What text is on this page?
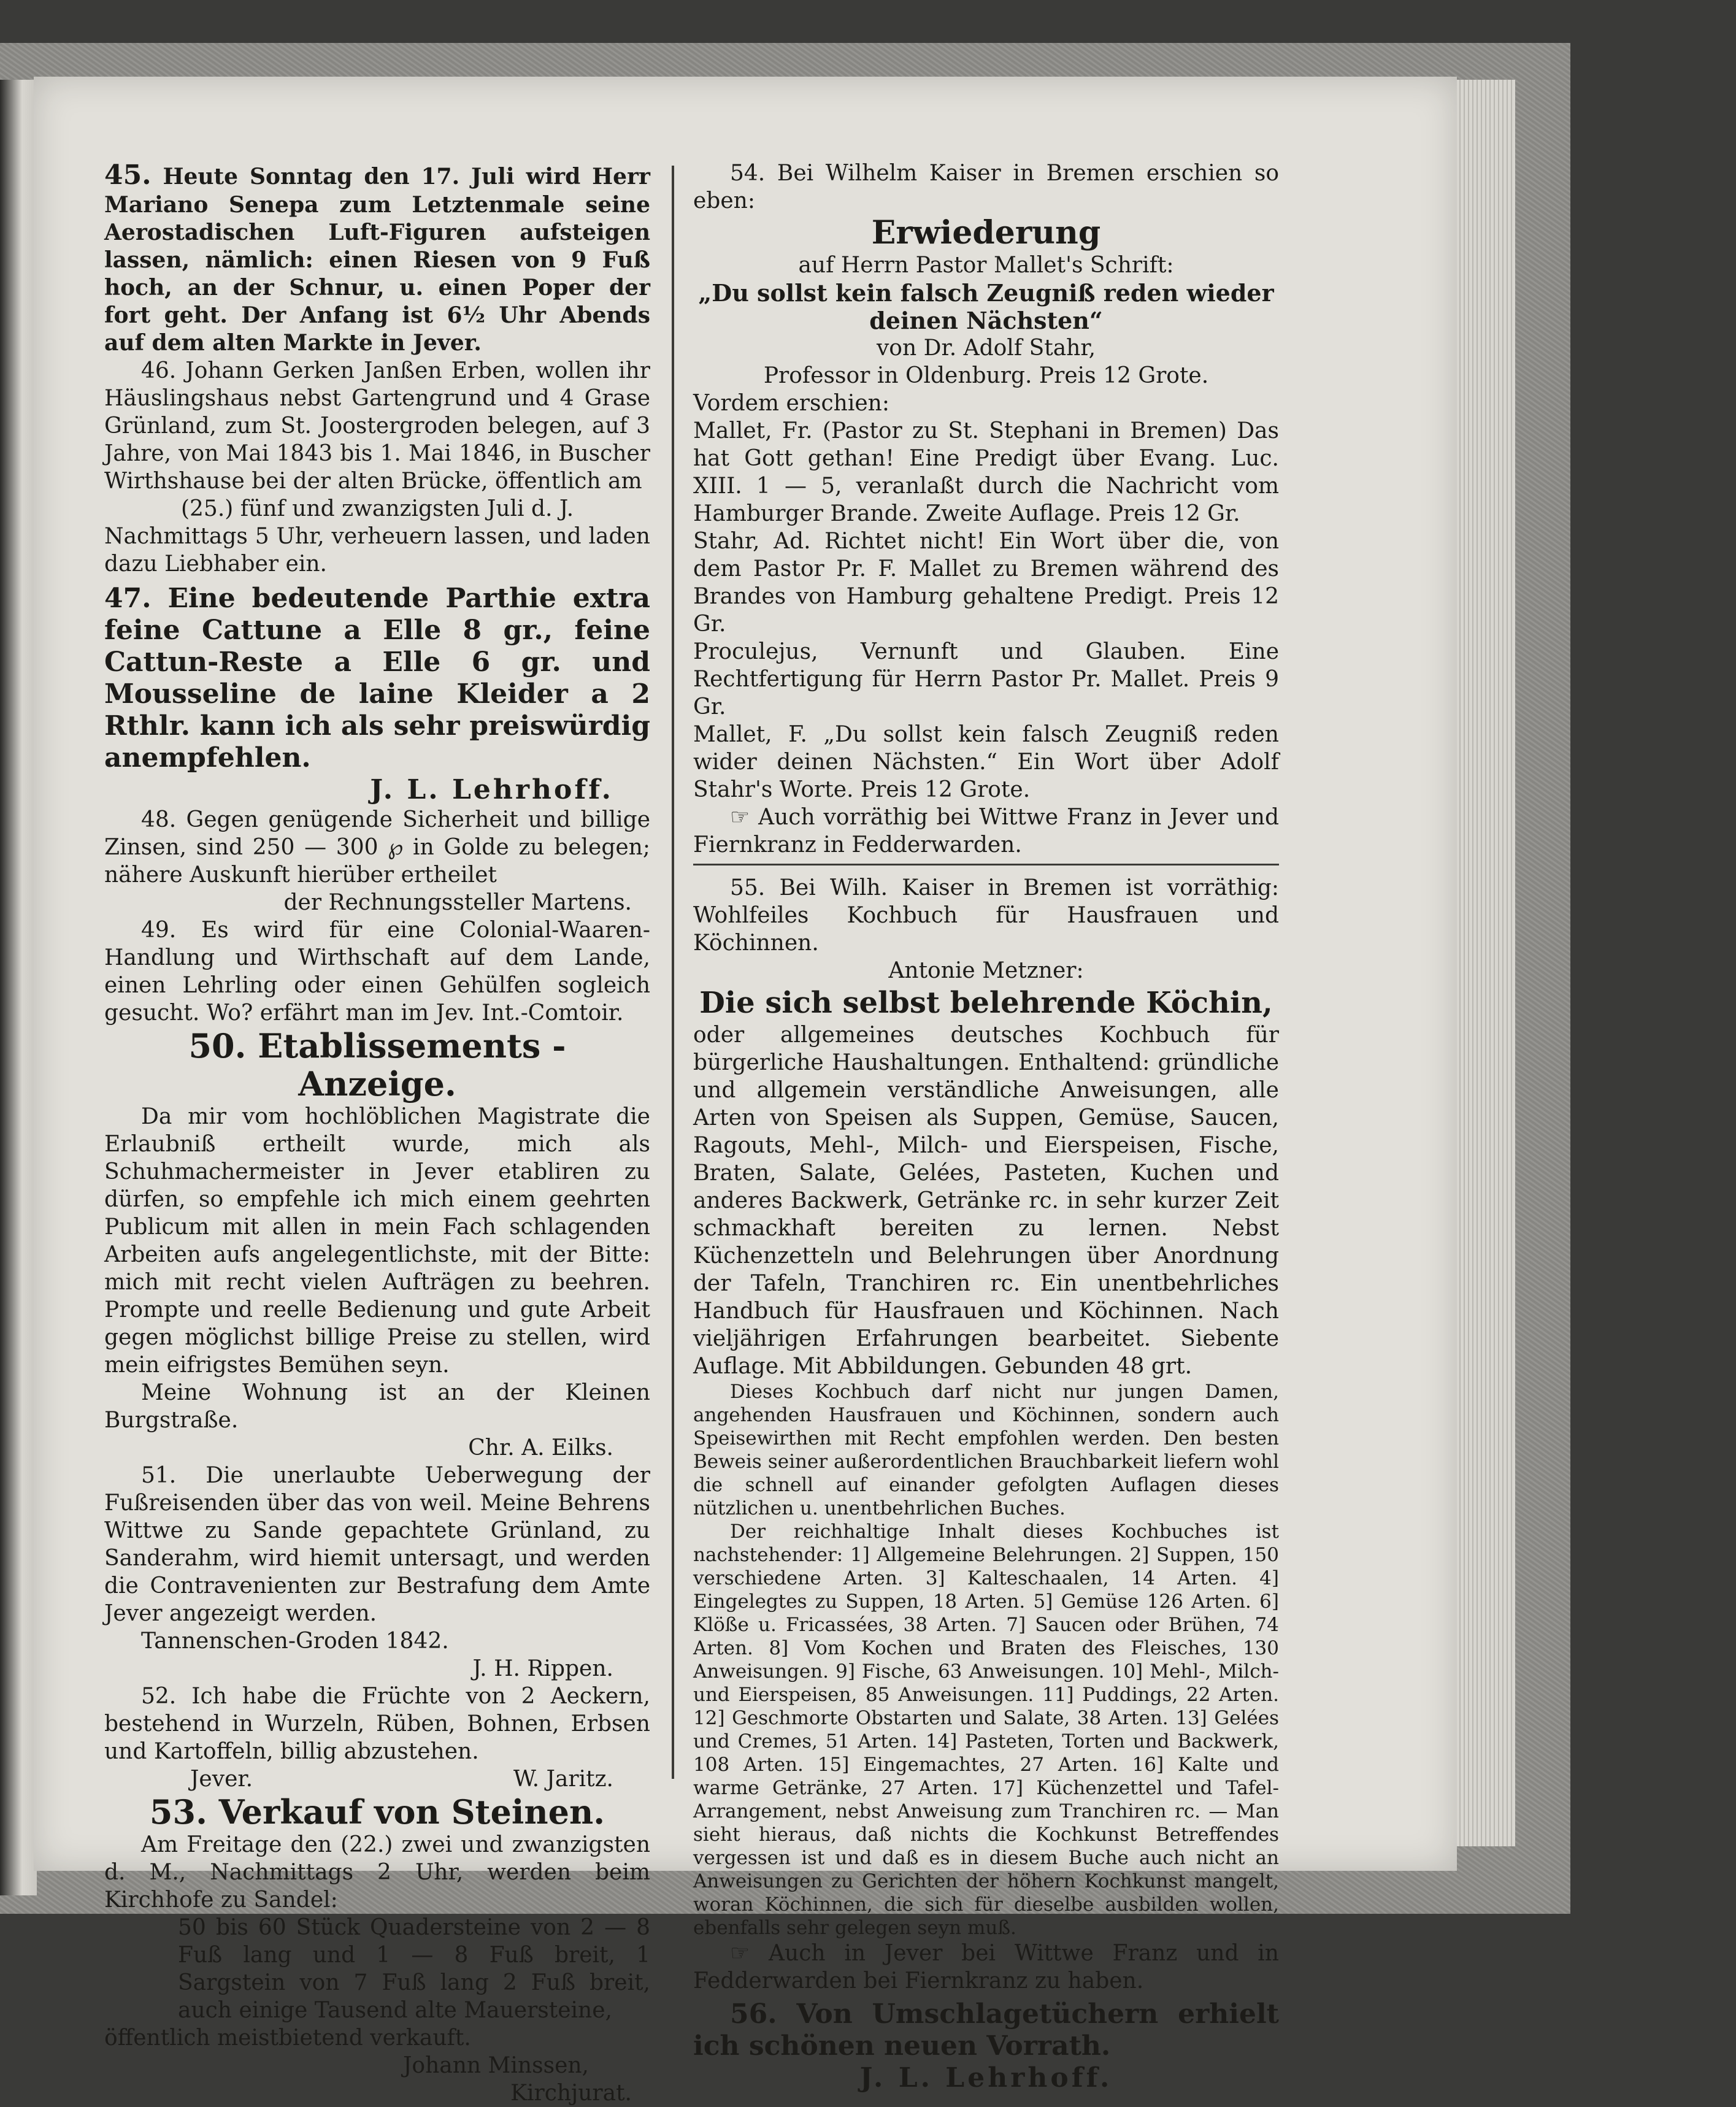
45. Heute Sonntag den 17. Juli wird Herr Mariano Senepa zum Letztenmale seine Aerostadischen Luft-Figuren aufsteigen lassen, nämlich: einen Riesen von 9 Fuß hoch, an der Schnur, u. einen Poper der fort geht. Der Anfang ist 6½ Uhr Abends auf dem alten Markte in Jever.

46. Johann Gerken Janßen Erben, wollen ihr Häuslingshaus nebst Gartengrund und 4 Grase Grünland, zum St. Joostergroden belegen, auf 3 Jahre, von Mai 1843 bis 1. Mai 1846, in Buscher Wirthshause bei der alten Brücke, öffentlich am

(25.) fünf und zwanzigsten Juli d. J.

Nachmittags 5 Uhr, verheuern lassen, und laden dazu Liebhaber ein.

47. Eine bedeutende Parthie extra feine Cattune a Elle 8 gr., feine Cattun-Reste a Elle 6 gr. und Mousseline de laine Kleider a 2 Rthlr. kann ich als sehr preiswürdig anempfehlen.

J. L. Lehrhoff.

48. Gegen genügende Sicherheit und billige Zinsen, sind 250 — 300 ℘ in Golde zu belegen; nähere Auskunft hierüber ertheilet

der Rechnungssteller Martens.

49. Es wird für eine Colonial-Waaren-Handlung und Wirthschaft auf dem Lande, einen Lehrling oder einen Gehülfen sogleich gesucht. Wo? erfährt man im Jev. Int.-Comtoir.

50. Etablissements - Anzeige.

Da mir vom hochlöblichen Magistrate die Erlaubniß ertheilt wurde, mich als Schuhmachermeister in Jever etabliren zu dürfen, so empfehle ich mich einem geehrten Publicum mit allen in mein Fach schlagenden Arbeiten aufs angelegentlichste, mit der Bitte: mich mit recht vielen Aufträgen zu beehren. Prompte und reelle Bedienung und gute Arbeit gegen möglichst billige Preise zu stellen, wird mein eifrigstes Bemühen seyn.

Meine Wohnung ist an der Kleinen Burgstraße.

Chr. A. Eilks.

51. Die unerlaubte Ueberwegung der Fußreisenden über das von weil. Meine Behrens Wittwe zu Sande gepachtete Grünland, zu Sanderahm, wird hiemit untersagt, und werden die Contravenienten zur Bestrafung dem Amte Jever angezeigt werden.

Tannenschen-Groden 1842.

J. H. Rippen.

52. Ich habe die Früchte von 2 Aeckern, bestehend in Wurzeln, Rüben, Bohnen, Erbsen und Kartoffeln, billig abzustehen.

Jever.	W. Jaritz.

53. Verkauf von Steinen.

Am Freitage den (22.) zwei und zwanzigsten d. M., Nachmittags 2 Uhr, werden beim Kirchhofe zu Sandel:

50 bis 60 Stück Quadersteine von 2 — 8 Fuß lang und 1 — 8 Fuß breit, 1 Sargstein von 7 Fuß lang 2 Fuß breit, auch einige Tausend alte Mauersteine,

öffentlich meistbietend verkauft.

Johann Minssen,

Kirchjurat.

54. Bei Wilhelm Kaiser in Bremen erschien so eben:

Erwiederung

auf Herrn Pastor Mallet's Schrift:

„Du sollst kein falsch Zeugniß reden wieder deinen Nächsten“

von Dr. Adolf Stahr,

Professor in Oldenburg. Preis 12 Grote.

Vordem erschien:

Mallet, Fr. (Pastor zu St. Stephani in Bremen) Das hat Gott gethan! Eine Predigt über Evang. Luc. XIII. 1 — 5, veranlaßt durch die Nachricht vom Hamburger Brande. Zweite Auflage. Preis 12 Gr.

Stahr, Ad. Richtet nicht! Ein Wort über die, von dem Pastor Pr. F. Mallet zu Bremen während des Brandes von Hamburg gehaltene Predigt. Preis 12 Gr.

Proculejus, Vernunft und Glauben. Eine Rechtfertigung für Herrn Pastor Pr. Mallet. Preis 9 Gr.

Mallet, F. „Du sollst kein falsch Zeugniß reden wider deinen Nächsten.“ Ein Wort über Adolf Stahr's Worte. Preis 12 Grote.

☞ Auch vorräthig bei Wittwe Franz in Jever und Fiernkranz in Fedderwarden.

55. Bei Wilh. Kaiser in Bremen ist vorräthig: Wohlfeiles Kochbuch für Hausfrauen und Köchinnen.

Antonie Metzner:

Die sich selbst belehrende Köchin,

oder allgemeines deutsches Kochbuch für bürgerliche Haushaltungen. Enthaltend: gründliche und allgemein verständliche Anweisungen, alle Arten von Speisen als Suppen, Gemüse, Saucen, Ragouts, Mehl-, Milch- und Eierspeisen, Fische, Braten, Salate, Gelées, Pasteten, Kuchen und anderes Backwerk, Getränke rc. in sehr kurzer Zeit schmackhaft bereiten zu lernen. Nebst Küchenzetteln und Belehrungen über Anordnung der Tafeln, Tranchiren rc. Ein unentbehrliches Handbuch für Hausfrauen und Köchinnen. Nach vieljährigen Erfahrungen bearbeitet. Siebente Auflage. Mit Abbildungen. Gebunden 48 grt.

Dieses Kochbuch darf nicht nur jungen Damen, angehenden Hausfrauen und Köchinnen, sondern auch Speisewirthen mit Recht empfohlen werden. Den besten Beweis seiner außerordentlichen Brauchbarkeit liefern wohl die schnell auf einander gefolgten Auflagen dieses nützlichen u. unentbehrlichen Buches.

Der reichhaltige Inhalt dieses Kochbuches ist nachstehender: 1] Allgemeine Belehrungen. 2] Suppen, 150 verschiedene Arten. 3] Kalteschaalen, 14 Arten. 4] Eingelegtes zu Suppen, 18 Arten. 5] Gemüse 126 Arten. 6] Klöße u. Fricassées, 38 Arten. 7] Saucen oder Brühen, 74 Arten. 8] Vom Kochen und Braten des Fleisches, 130 Anweisungen. 9] Fische, 63 Anweisungen. 10] Mehl-, Milch- und Eierspeisen, 85 Anweisungen. 11] Puddings, 22 Arten. 12] Geschmorte Obstarten und Salate, 38 Arten. 13] Gelées und Cremes, 51 Arten. 14] Pasteten, Torten und Backwerk, 108 Arten. 15] Eingemachtes, 27 Arten. 16] Kalte und warme Getränke, 27 Arten. 17] Küchenzettel und Tafel-Arrangement, nebst Anweisung zum Tranchiren rc. — Man sieht hieraus, daß nichts die Kochkunst Betreffendes vergessen ist und daß es in diesem Buche auch nicht an Anweisungen zu Gerichten der höhern Kochkunst mangelt, woran Köchinnen, die sich für dieselbe ausbilden wollen, ebenfalls sehr gelegen seyn muß.

☞ Auch in Jever bei Wittwe Franz und in Fedderwarden bei Fiernkranz zu haben.

56. Von Umschlagetüchern erhielt ich schönen neuen Vorrath.

J. L. Lehrhoff.
